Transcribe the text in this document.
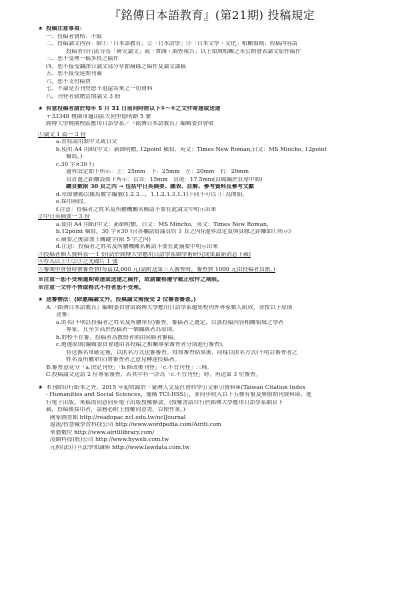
『銘傳日本語教育』(第21期) 投稿規定
★ 投稿注意事項：
一、投稿者資格：不限
二、投稿論文內容：限①「日本語教育」②「日本語學」③「日本文學・文化」相關領域；投稿內容請
投稿者自行區分為「研究論文」或「實踐・調查報告」以上領域相關之未公開發表論文原作稿件
三、恕不受理一稿多投之稿件
四、恕不接受翻譯日論文部分章節摘錄之稿件及論文課稿
五、恕不接受延期刊載
六、恕不支付稿費
七、不論是否刊登恕不退還寄來之一切資料
八、刊登者致贈當期論文 3 冊
★ 有意投稿者請於每年 5 月 31 日前同時將以下①～⑤之文件寄達或送達
〒33348 桃園市龜山區大同里德明路 5 號
銘傳大學桃園校區應用日語學系／『銘傳日本語教育』編輯委員會收
①論文 1 篇一 3 份
a.書寫請用繁中文或日文
b.使用 A4 用紙(中文：新細明體, 12point 橫寫、英文：Times New Roman,日文：MS Mincho, 12point
橫寫。)
c.30 字×30 行
邊界設定如下所示：上：25mm　下：25mm　左：20mm　右：20mm
頁首邊之距離設如下所示：頁首：15mm　頁尾：17.5mm(頁碼編於頁尾中間)
總頁數限 30 頁之內 → 包括中日英摘要、圖表、註解、參考資料及參考文獻
d.章節號碼以羅馬數字編號(1.2.3…，1.1.2.1.3.1.1)下同不可以 ① 為開始。
e.採用兩段。
f.注意：投稿者之姓名及所屬機關名稱請不要在此論文中明示出來
②中日英摘要一 3 份
a.使用 A4 用紙(中文：新細明體，日文：MS Mincho，英文：Times New Roman，
b.12point 橫寫，30 字×30 行(各欄請寫滿頁約 1 頁之內)(邊界設定及與頁緣之距離如①所示)
c.摘要之後請加上關鍵字(限 5 字之內)
d.注意：投稿者之姓名及所屬機關名稱請不要在此摘要中明示出來
③投稿者個人資料表一 1 份(請於銘傳大學應用日語學系網學術研究成果最新消息下載)
④存入以上①②③之光碟片 1 張
⑤審閱里會發時號審查費(每篇)2,000 元(請附送第三人審查時，審查費 1000 元由投稿者負擔。)
※注意一恕不受理逾期寄達或送達之稿件，故請嚴格遵守截止收件之期限。
※注意一文件不齊或格式不符者恕不受理。
★ 送審辦法：(除邀稿論文外，投稿論文需接受 2 位審查審查。)
A.『銘傳日本語教育』編輯委員會由銘傳大學應用日語學系邀集校內外專家數人組成，並按以下原則
送審：
a.匿名(不明註投稿者之姓名及所屬單位)審查。審稿者之選定，以該投稿內容相關領域之學者
專家，且至少高於投稿者一個職級者為原則。
b.對校不在審。投稿者為教授者則由同級者審稿。
c.遴選原則(編輯委員會選由各投稿之相關專家審查者分別進行審查)，
待送審名單確定後，以匿名方式送審審查。得知審查結果後，同樣以匿名方式(不明註審查者之
姓名及所屬單位)將審查者之意見轉達投稿者。
B.審查意見分「a.決定刊登」「b.修改後刊登」「c.不宜刊登」三種。
C.投稿論文送請 2 位專家審查，若其中有一評為「c.不宜刊登」時，再送第 3 位審查。
★ 本刊除印行紙本之外，2015 年起收錄於「臺灣人文及社會科學引文索引資料庫(Taiwan Citation Index
- Humanities and Social Sciences，簡稱 TCI-HSS)」，並同步收入以下五種有償及無償期刊資料庫，進
行電子出版，來稿需同意同步電子出版授權條款。(授權書請自行於銘傳大學應用日語學系網頁下
載，投稿後採用者，請務必附上授權同意書，以便作業。)
國家圖書館 http://readopac.ncl.edu.tw/nclJournal
遠流/智慧藏學習科技公司 http://www.wordpedia.com/Airiti.com
華藝數位 http://www.airitilibrary.com/
凌網科技(股)公司 http://www.hyweb.com.tw
元照(法)月旦法學知識庫 http://www.lawdata.com.tw
